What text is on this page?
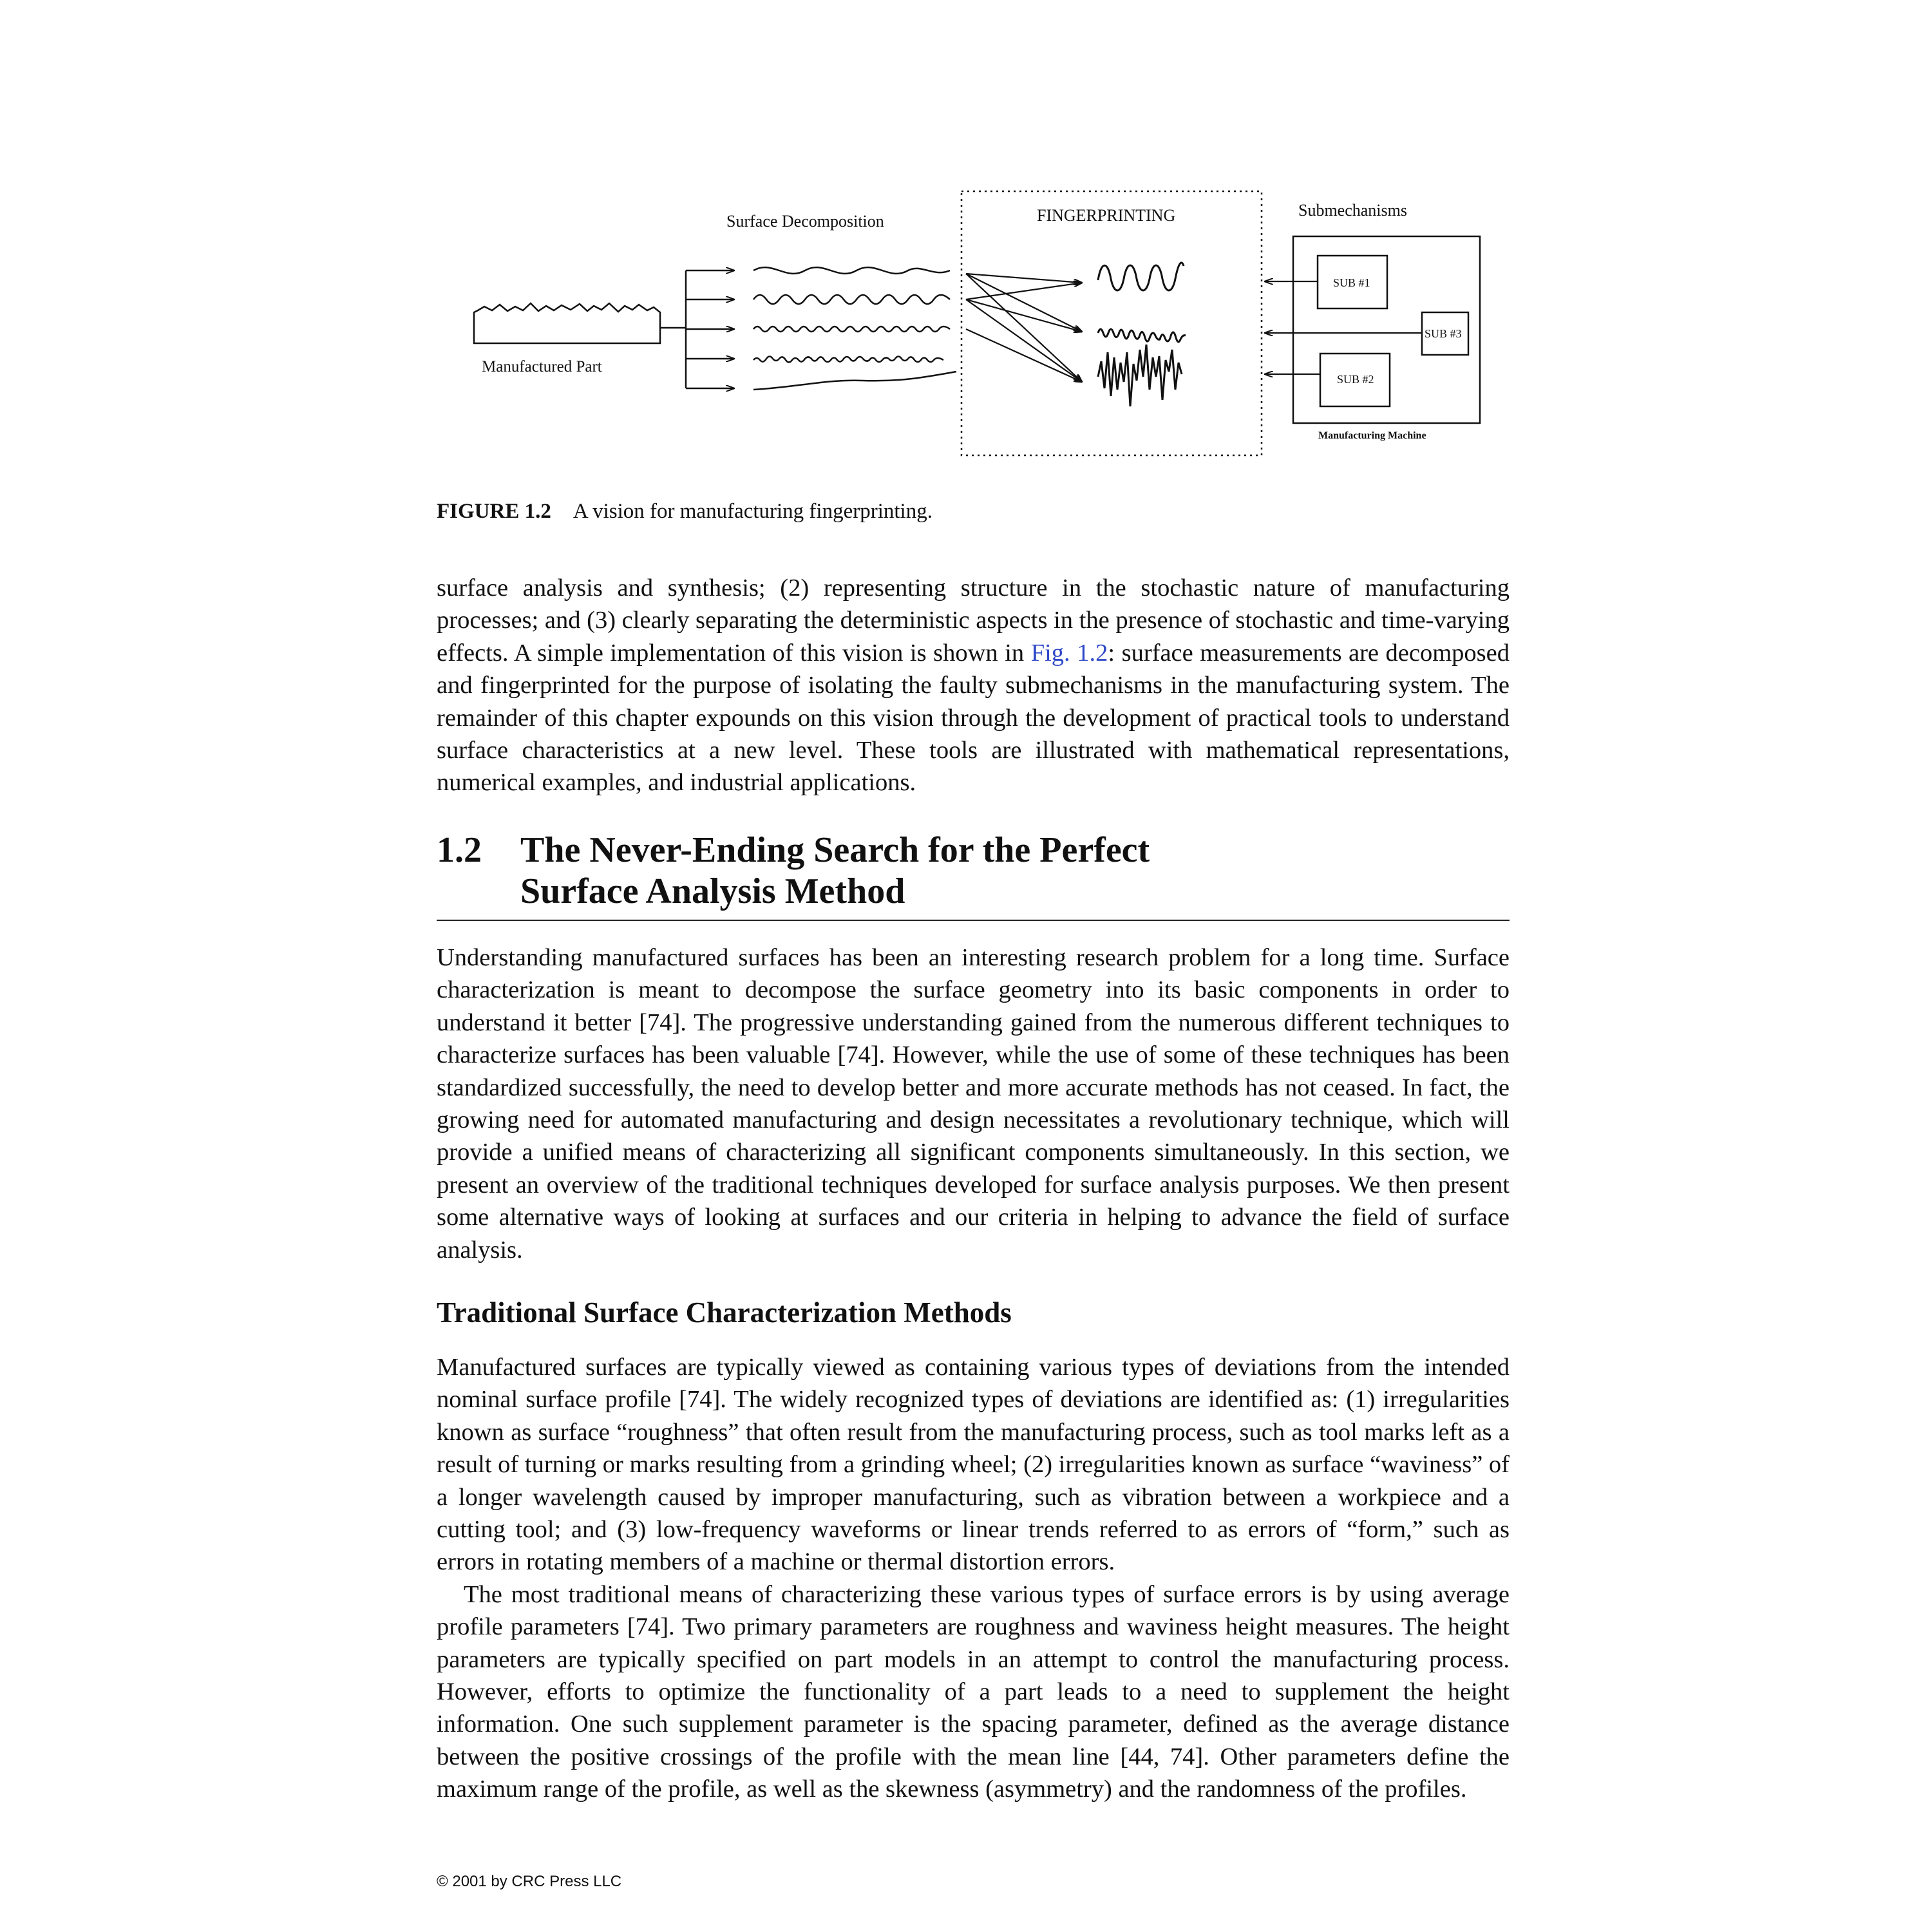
Manufactured Part
Surface Decomposition	FINGERPRINTING	Submechanisms
Manufacturing Machine
SUB #1
SUB #2
SUB #3
FIGURE 1.2 A vision for manufacturing fingerprinting.

surface analysis and synthesis; (2) representing structure in the stochastic nature of manufacturing processes; and (3) clearly separating the deterministic aspects in the presence of stochastic and time-varying effects. A simple implementation of this vision is shown in Fig. 1.2: surface measurements are decomposed and fingerprinted for the purpose of isolating the faulty submechanisms in the manufacturing system. The remainder of this chapter expounds on this vision through the development of practical tools to understand surface characteristics at a new level. These tools are illustrated with mathematical representations, numerical examples, and industrial applications.

1.2 The Never-Ending Search for the Perfect Surface Analysis Method

Understanding manufactured surfaces has been an interesting research problem for a long time. Surface characterization is meant to decompose the surface geometry into its basic components in order to understand it better [74]. The progressive understanding gained from the numerous different techniques to characterize surfaces has been valuable [74]. However, while the use of some of these techniques has been standardized successfully, the need to develop better and more accurate methods has not ceased. In fact, the growing need for automated manufacturing and design necessitates a revolutionary technique, which will provide a unified means of characterizing all significant components simultaneously. In this section, we present an overview of the traditional techniques developed for surface analysis purposes. We then present some alternative ways of looking at surfaces and our criteria in helping to advance the field of surface analysis.

Traditional Surface Characterization Methods

Manufactured surfaces are typically viewed as containing various types of deviations from the intended nominal surface profile [74]. The widely recognized types of deviations are identified as: (1) irregularities known as surface “roughness” that often result from the manufacturing process, such as tool marks left as a result of turning or marks resulting from a grinding wheel; (2) irregularities known as surface “waviness” of a longer wavelength caused by improper manufacturing, such as vibration between a workpiece and a cutting tool; and (3) low-frequency waveforms or linear trends referred to as errors of “form,” such as errors in rotating members of a machine or thermal distortion errors.

The most traditional means of characterizing these various types of surface errors is by using average profile parameters [74]. Two primary parameters are roughness and waviness height measures. The height parameters are typically specified on part models in an attempt to control the manufacturing process. However, efforts to optimize the functionality of a part leads to a need to supplement the height information. One such supplement parameter is the spacing parameter, defined as the average distance between the positive crossings of the profile with the mean line [44, 74]. Other parameters define the maximum range of the profile, as well as the skewness (asymmetry) and the randomness of the profiles.

© 2001 by CRC Press LLC
